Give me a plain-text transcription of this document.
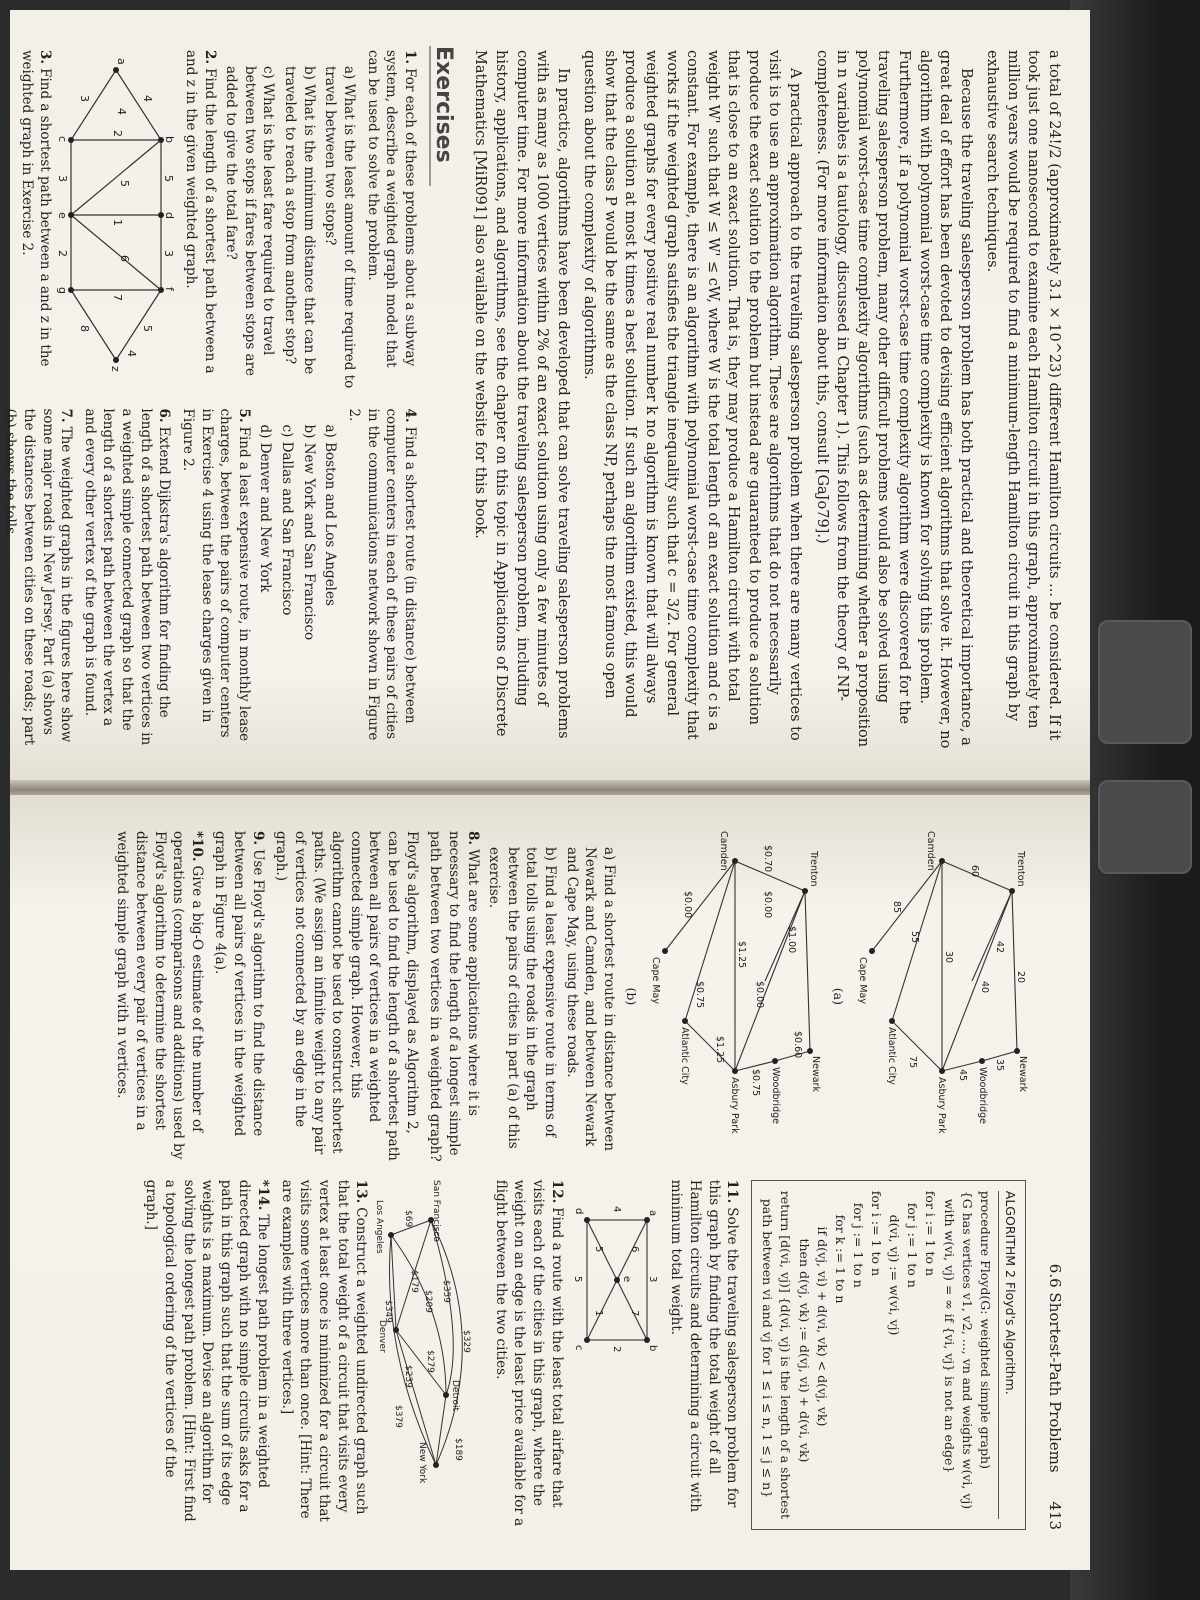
a total of 24!/2 (approximately 3.1 × 10^23) different Hamilton circuits ... be considered. If it took just one nanosecond to examine each Hamilton circuit in this graph, approximately ten million years would be required to find a minimum-length Hamilton circuit in this graph by exhaustive search techniques.

Because the traveling salesperson problem has both practical and theoretical importance, a great deal of effort has been devoted to devising efficient algorithms that solve it. However, no algorithm with polynomial worst-case time complexity is known for solving this problem. Furthermore, if a polynomial worst-case time complexity algorithm were discovered for the traveling salesperson problem, many other difficult problems would also be solved using polynomial worst-case time complexity algorithms (such as determining whether a proposition in n variables is a tautology, discussed in Chapter 1). This follows from the theory of NP-completeness. (For more information about this, consult [GaJo79].)

A practical approach to the traveling salesperson problem when there are many vertices to visit is to use an approximation algorithm. These are algorithms that do not necessarily produce the exact solution to the problem but instead are guaranteed to produce a solution that is close to an exact solution. That is, they may produce a Hamilton circuit with total weight W' such that W ≤ W' ≤ cW, where W is the total length of an exact solution and c is a constant. For example, there is an algorithm with polynomial worst-case time complexity that works if the weighted graph satisfies the triangle inequality such that c = 3/2. For general weighted graphs for every positive real number k no algorithm is known that will always produce a solution at most k times a best solution. If such an algorithm existed, this would show that the class P would be the same as the class NP, perhaps the most famous open question about the complexity of algorithms.

In practice, algorithms have been developed that can solve traveling salesperson problems with as many as 1000 vertices within 2% of an exact solution using only a few minutes of computer time. For more information about the traveling salesperson problem, including history, applications, and algorithms, see the chapter on this topic in Applications of Discrete Mathematics [MiR091] also available on the website for this book.

Exercises
1.For each of these problems about a subway system, describe a weighted graph model that can be used to solve the problem.
a) What is the least amount of time required to travel between two stops?
b) What is the minimum distance that can be traveled to reach a stop from another stop?
c) What is the least fare required to travel between two stops if fares between stops are added to give the total fare?
2.Find the length of a shortest path between a and z in the given weighted graph.
a
b
c
d
e
f
g
z
4
3
2
5
3
5
1
3
2
6
7
5
8
4
4
3.Find a shortest path between a and z in the weighted graph in Exercise 2.
4.Find a shortest route (in distance) between computer centers in each of these pairs of cities in the communications network shown in Figure 2.
a) Boston and Los Angeles
b) New York and San Francisco
c) Dallas and San Francisco
d) Denver and New York
5.Find a least expensive route, in monthly lease charges, between the pairs of computer centers in Exercise 4 using the lease charges given in Figure 2.
6.Extend Dijkstra's algorithm for finding the length of a shortest path between two vertices in a weighted simple connected graph so that the length of a shortest path between the vertex a and every other vertex of the graph is found.
7.The weighted graphs in the figures here show some major roads in New Jersey. Part (a) shows the distances between cities on these roads; part (b) shows the tolls.
6.6 Shortest-Path Problems 413
Newark
Woodbridge
Asbury Park
Trenton
Camden
Atlantic City
Cape May	20
42
35
60
40
75
30
55
45
85
(a)
Newark
Woodbridge
Asbury Park
Trenton
Camden
Atlantic City
Cape May
$0.60
$0.75
$1.00
$0.00
$0.70
$0.00
$1.25
$1.25
$0.00
$0.75
(b)
a) Find a shortest route in distance between Newark and Camden, and between Newark and Cape May, using these roads.
b) Find a least expensive route in terms of total tolls using the roads in the graph between the pairs of cities in part (a) of this exercise.
8.What are some applications where it is necessary to find the length of a longest simple path between two vertices in a weighted graph?
Floyd's algorithm, displayed as Algorithm 2, can be used to find the length of a shortest path between all pairs of vertices in a weighted connected simple graph. However, this algorithm cannot be used to construct shortest paths. (We assign an infinite weight to any pair of vertices not connected by an edge in the graph.)
9.Use Floyd's algorithm to find the distance between all pairs of vertices in the weighted graph in Figure 4(a).
*10.Give a big-O estimate of the number of operations (comparisons and additions) used by Floyd's algorithm to determine the shortest distance between every pair of vertices in a weighted simple graph with n vertices.
ALGORITHM 2 Floyd's Algorithm.
procedure Floyd(G: weighted simple graph)
{G has vertices v1, v2, ..., vn and weights w(vi, vj)
with w(vi, vj) = ∞ if {vi, vj} is not an edge}
for i := 1 to n
for j := 1 to n
d(vi, vj) := w(vi, vj)
for i := 1 to n
for j := 1 to n
for k := 1 to n
if d(vj, vi) + d(vi, vk) < d(vj, vk)
then d(vj, vk) := d(vj, vi) + d(vi, vk)
return [d(vi, vj)] {d(vi, vj) is the length of a shortest
path between vi and vj for 1 ≤ i ≤ n, 1 ≤ j ≤ n}
11.Solve the traveling salesperson problem for this graph by finding the total weight of all Hamilton circuits and determining a circuit with minimum total weight.
a
b
c
d
e 3
2
5
4
6
7
1
5
12.Find a route with the least total airfare that visits each of the cities in this graph, where the weight on an edge is the least price available for a flight between the two cities.
San Francisco
Los Angeles
Denver
Detroit
New York
$329
$189
$359
$209
$279
$179
$239
$379
$69
$349
13.Construct a weighted undirected graph such that the total weight of a circuit that visits every vertex at least once is minimized for a circuit that visits some vertices more than once. [Hint: There are examples with three vertices.]
*14.The longest path problem in a weighted directed graph with no simple circuits asks for a path in this graph such that the sum of its edge weights is a maximum. Devise an algorithm for solving the longest path problem. [Hint: First find a topological ordering of the vertices of the graph.]
